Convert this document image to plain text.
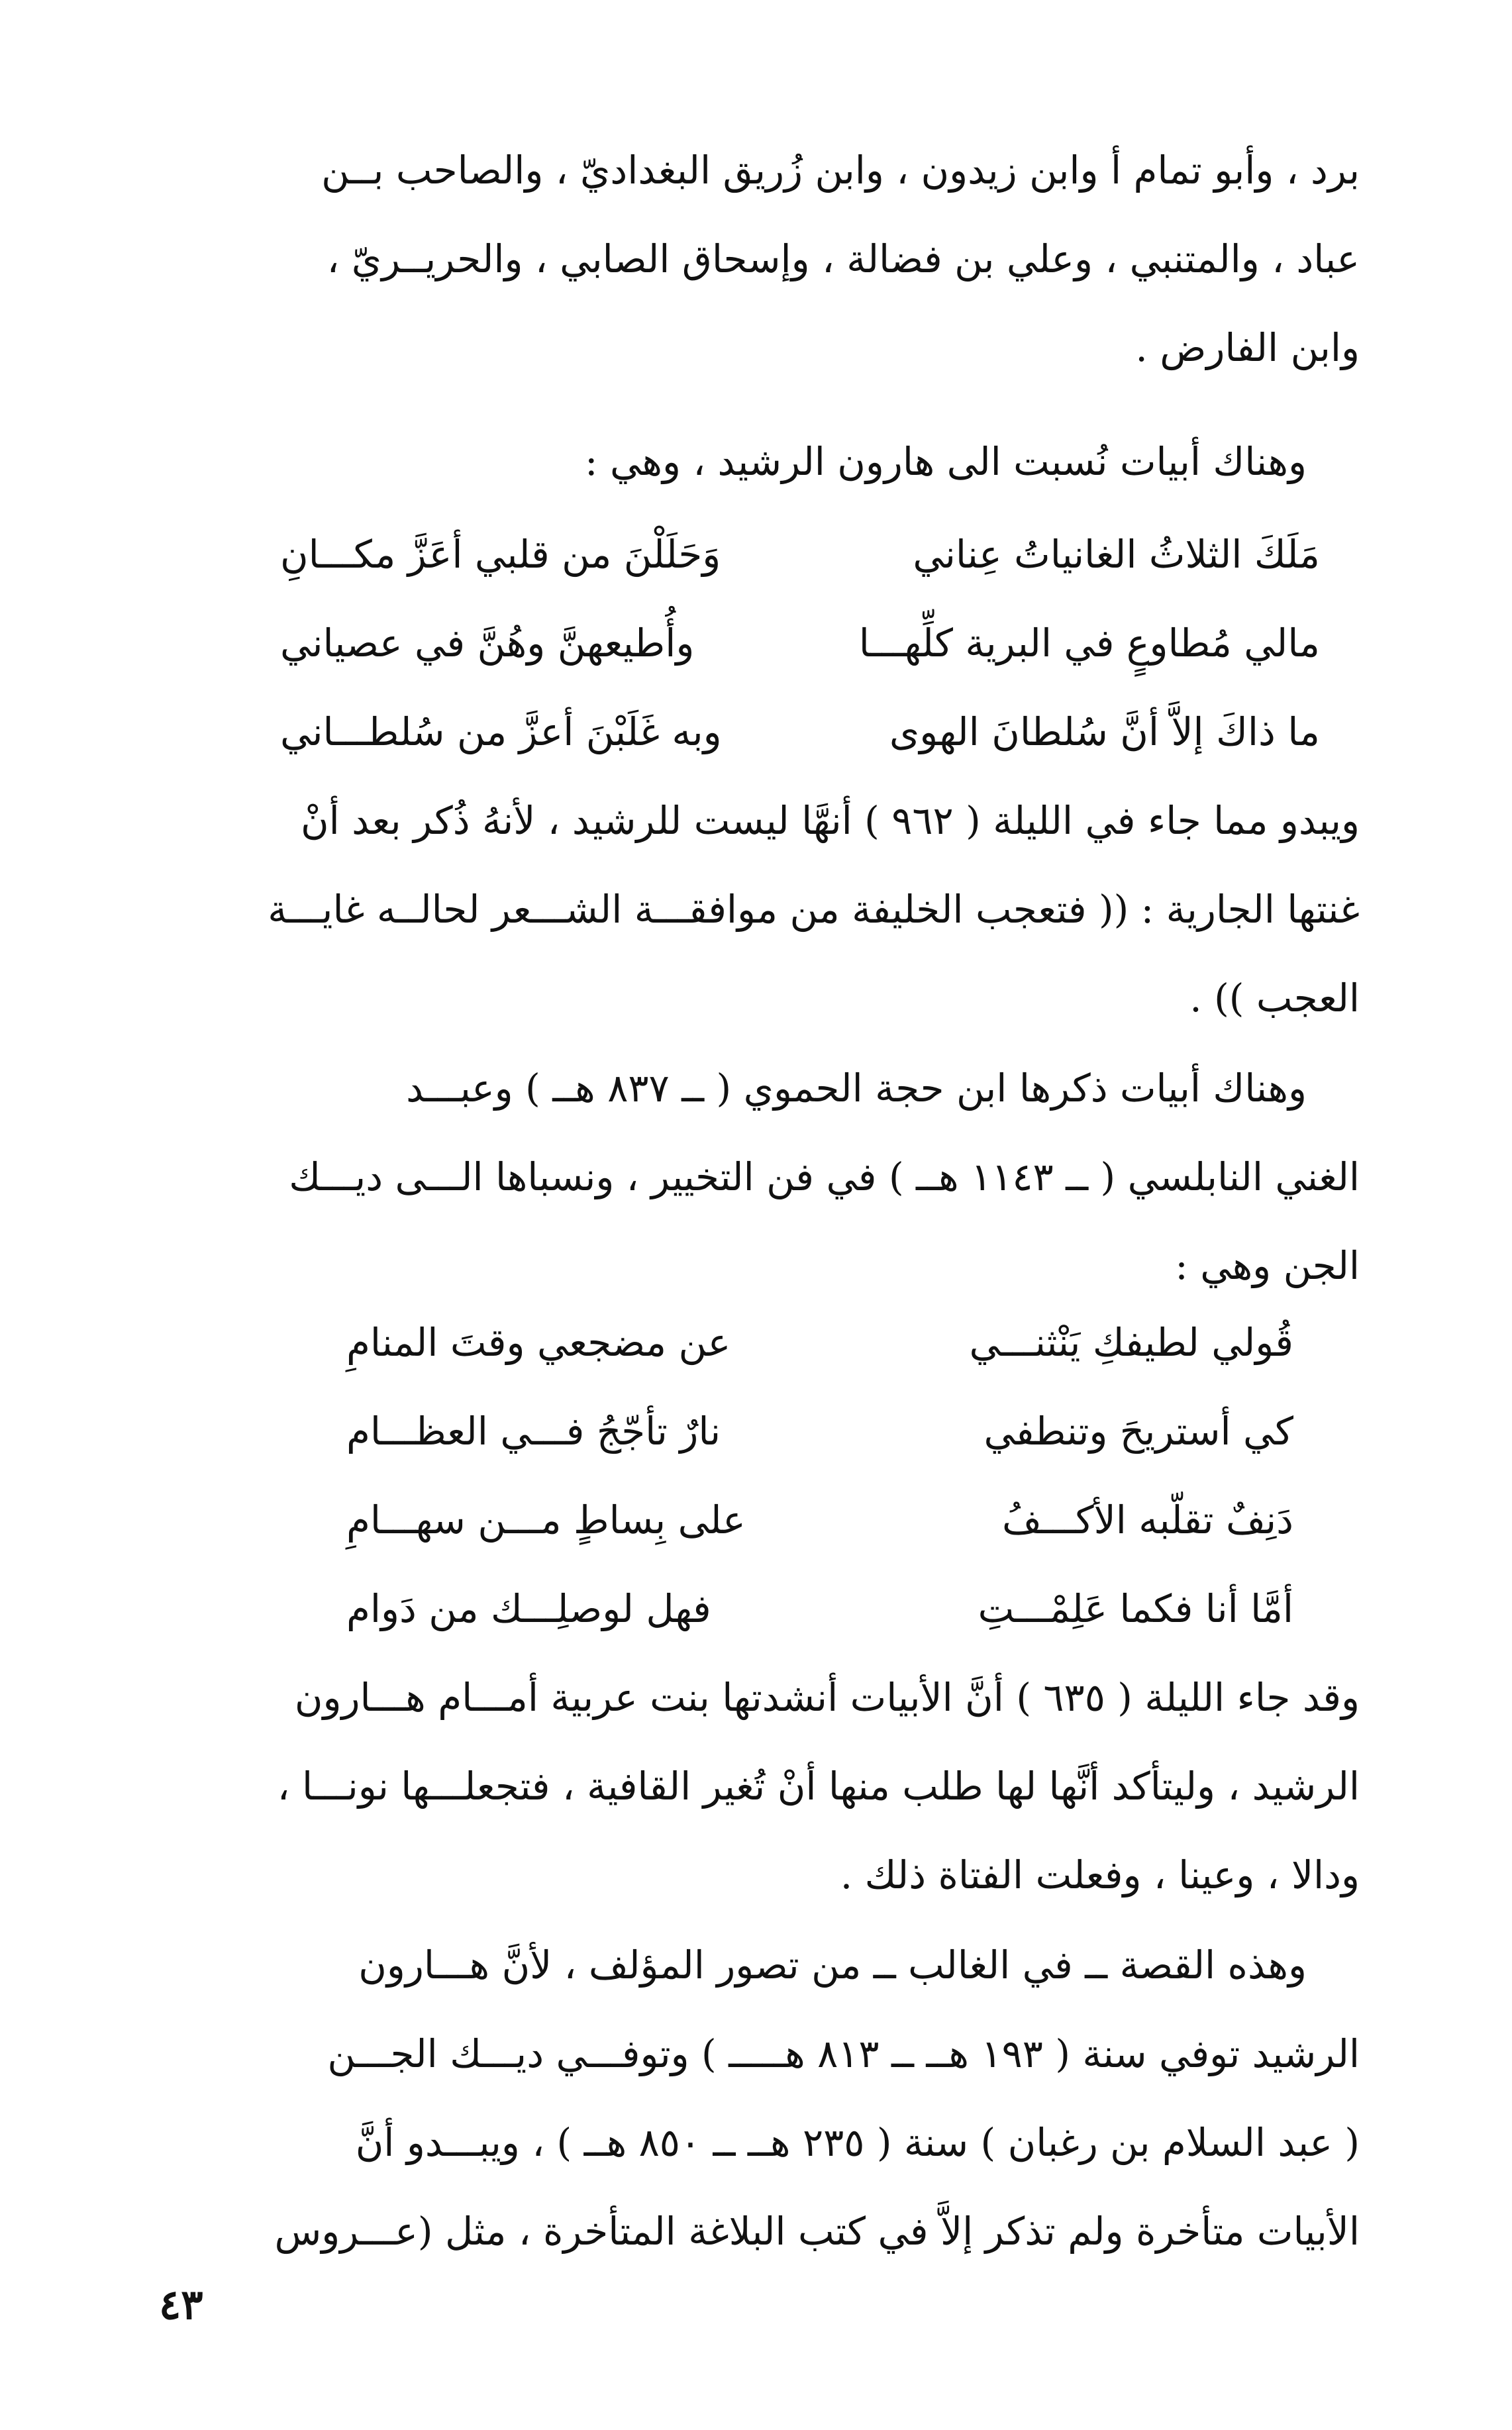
برد ، وأبو تمام أ وابن زيدون ، وابن زُريق البغداديّ ، والصاحب بــن
عباد ، والمتنبي ، وعلي بن فضالة ، وإسحاق الصابي ، والحريــريّ ،
وابن الفارض .
وهناك أبيات نُسبت الى هارون الرشيد ، وهي :
مَلَكَ الثلاثُ الغانياتُ عِناني
وَحَلَلْنَ من قلبي أعَزَّ مكـــانِ
مالي مُطاوعٍ في البرية كلِّهـــا
وأُطيعهنَّ وهُنَّ في عصياني
ما ذاكَ إلاَّ أنَّ سُلطانَ الهوى
وبه غَلَبْنَ أعزَّ من سُلطـــاني
ويبدو مما جاء في الليلة ( ٩٦٢ ) أنهَّا ليست للرشيد ، لأنهُ ذُكر بعد أنْ
غنتها الجارية : (( فتعجب الخليفة من موافقـــة الشـــعر لحالــه غايـــة
العجب )) .
وهناك أبيات ذكرها ابن حجة الحموي ( ــ ٨٣٧ هــ ) وعبـــد
الغني النابلسي ( ــ ١١٤٣ هــ ) في فن التخيير ، ونسباها الـــى ديـــك
الجن وهي :
قُولي لطيفكِ يَنْثنـــي
عن مضجعي وقتَ المنامِ
كي أستريحَ وتنطفي
نارٌ تأجّجُ فـــي العظـــام
دَنِفٌ تقلّبه الأكـــفُ
على بِساطٍ مـــن سهـــامِ
أمَّا أنا فكما عَلِمْـــتِ
فهل لوصلِـــك من دَوام
وقد جاء الليلة ( ٦٣٥ ) أنَّ الأبيات أنشدتها بنت عربية أمـــام هـــارون
الرشيد ، وليتأكد أنَّها لها طلب منها أنْ تُغير القافية ، فتجعلـــها نونـــا ،
ودالا ، وعينا ، وفعلت الفتاة ذلك .
وهذه القصة ــ في الغالب ــ من تصور المؤلف ، لأنَّ هـــارون
الرشيد توفي سنة ( ١٩٣ هــ ــ ٨١٣ هـــــ ) وتوفـــي ديـــك الجـــن
( عبد السلام بن رغبان ) سنة ( ٢٣٥ هــ ــ ٨٥٠ هــ ) ، ويبـــدو أنَّ
الأبيات متأخرة ولم تذكر إلاَّ في كتب البلاغة المتأخرة ، مثل (عـــروس
٤٣
